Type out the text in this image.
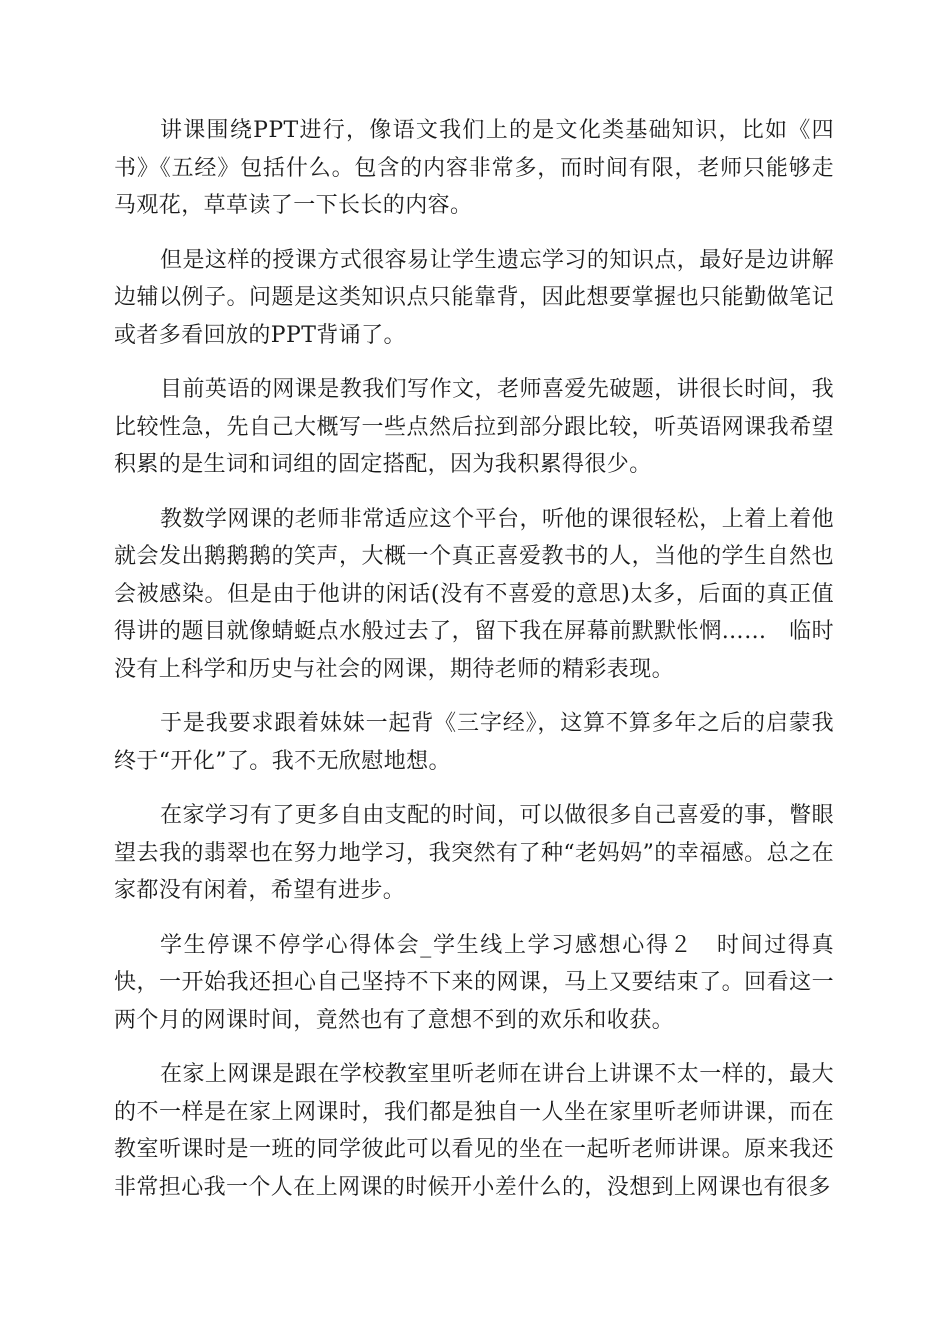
讲课围绕PPT进行，像语文我们上的是文化类基础知识，比如《四书》《五经》包括什么。包含的内容非常多，而时间有限，老师只能够走马观花，草草读了一下长长的内容。

但是这样的授课方式很容易让学生遗忘学习的知识点，最好是边讲解边辅以例子。问题是这类知识点只能靠背，因此想要掌握也只能勤做笔记或者多看回放的PPT背诵了。

目前英语的网课是教我们写作文，老师喜爱先破题，讲很长时间，我比较性急，先自己大概写一些点然后拉到部分跟比较，听英语网课我希望积累的是生词和词组的固定搭配，因为我积累得很少。

教数学网课的老师非常适应这个平台，听他的课很轻松，上着上着他就会发出鹅鹅鹅的笑声，大概一个真正喜爱教书的人，当他的学生自然也会被感染。但是由于他讲的闲话(没有不喜爱的意思)太多，后面的真正值得讲的题目就像蜻蜓点水般过去了，留下我在屏幕前默默怅惘……　临时没有上科学和历史与社会的网课，期待老师的精彩表现。

于是我要求跟着妹妹一起背《三字经》，这算不算多年之后的启蒙我终于“开化”了。我不无欣慰地想。

在家学习有了更多自由支配的时间，可以做很多自己喜爱的事，瞥眼望去我的翡翠也在努力地学习，我突然有了种“老妈妈”的幸福感。总之在家都没有闲着，希望有进步。

学生停课不停学心得体会_学生线上学习感想心得２　时间过得真快，一开始我还担心自己坚持不下来的网课，马上又要结束了。回看这一两个月的网课时间，竟然也有了意想不到的欢乐和收获。

在家上网课是跟在学校教室里听老师在讲台上讲课不太一样的，最大的不一样是在家上网课时，我们都是独自一人坐在家里听老师讲课，而在教室听课时是一班的同学彼此可以看见的坐在一起听老师讲课。原来我还非常担心我一个人在上网课的时候开小差什么的，没想到上网课也有很多
